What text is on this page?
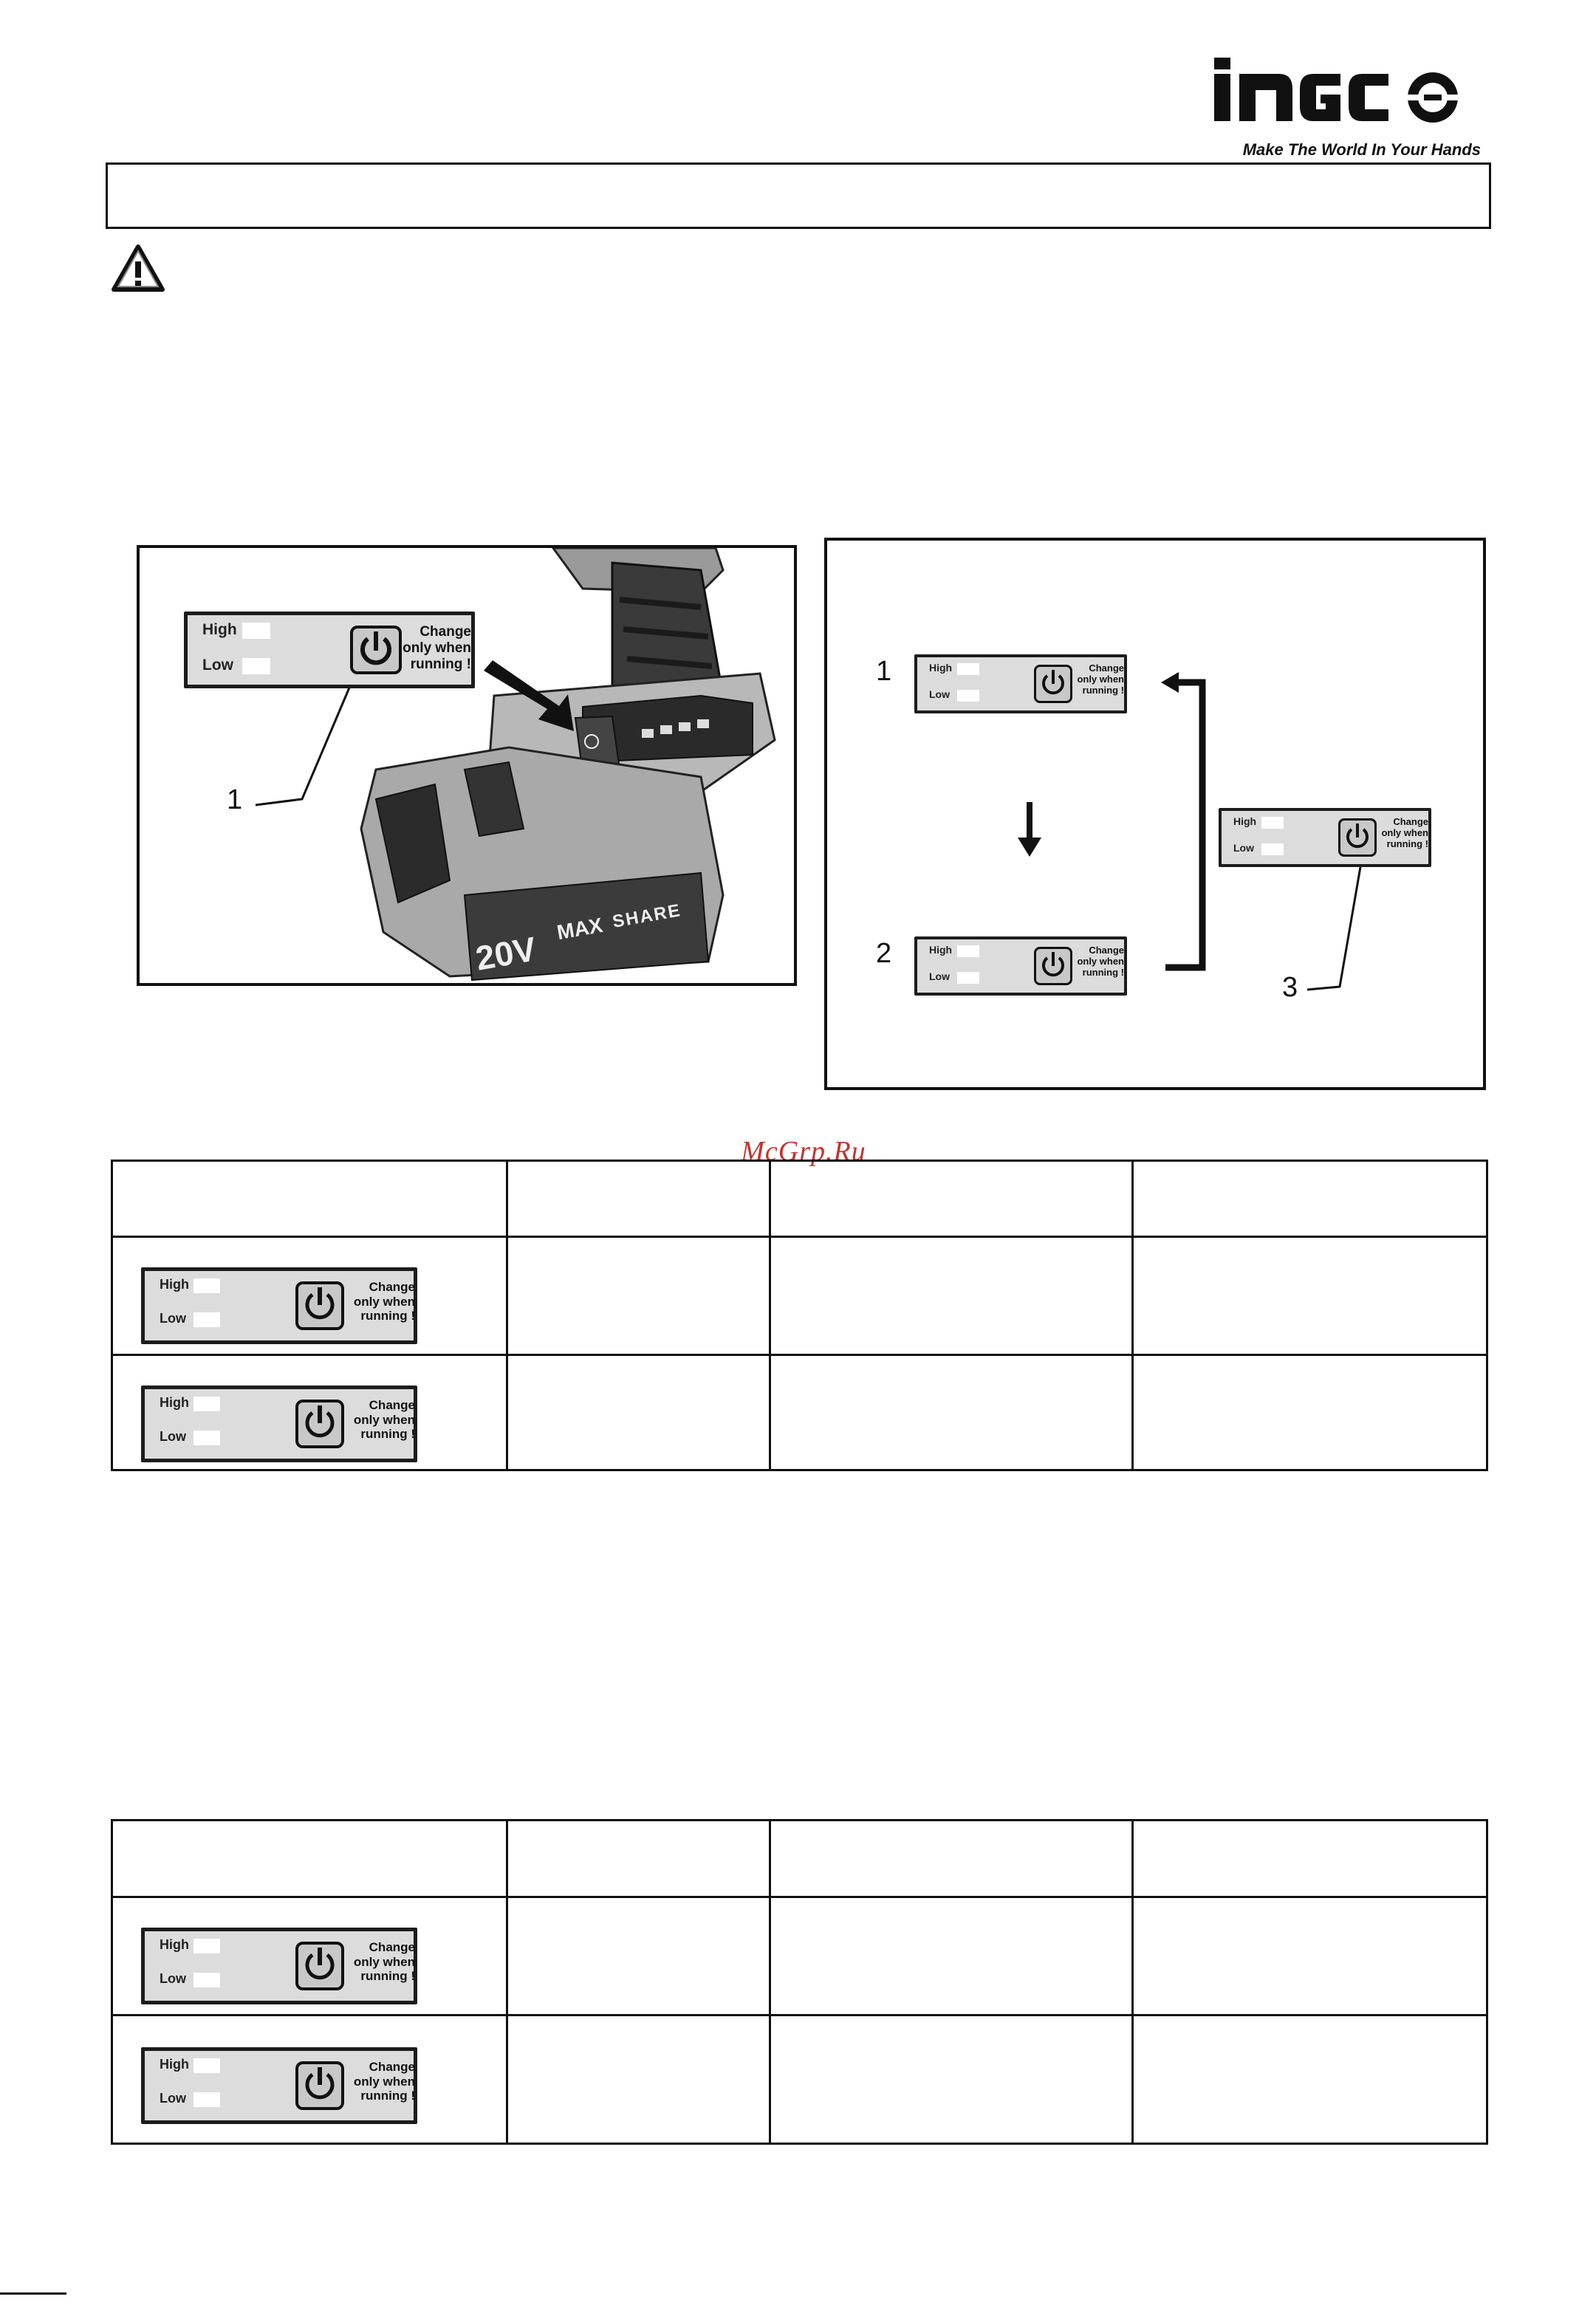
Make The World In Your Hands
20V
MAX SHARE
High
Low
Change
only when
running !
1
High
Low
Change
only when
running !
1
High
Low
Change
only when
running !
2
High
Low
Change
only when
running !
3
McGrp.Ru

High
Low
Change
only when
running !			

High
Low
Change
only when
running !			

High
Low
Change
only when
running !			

High
Low
Change
only when
running !			
